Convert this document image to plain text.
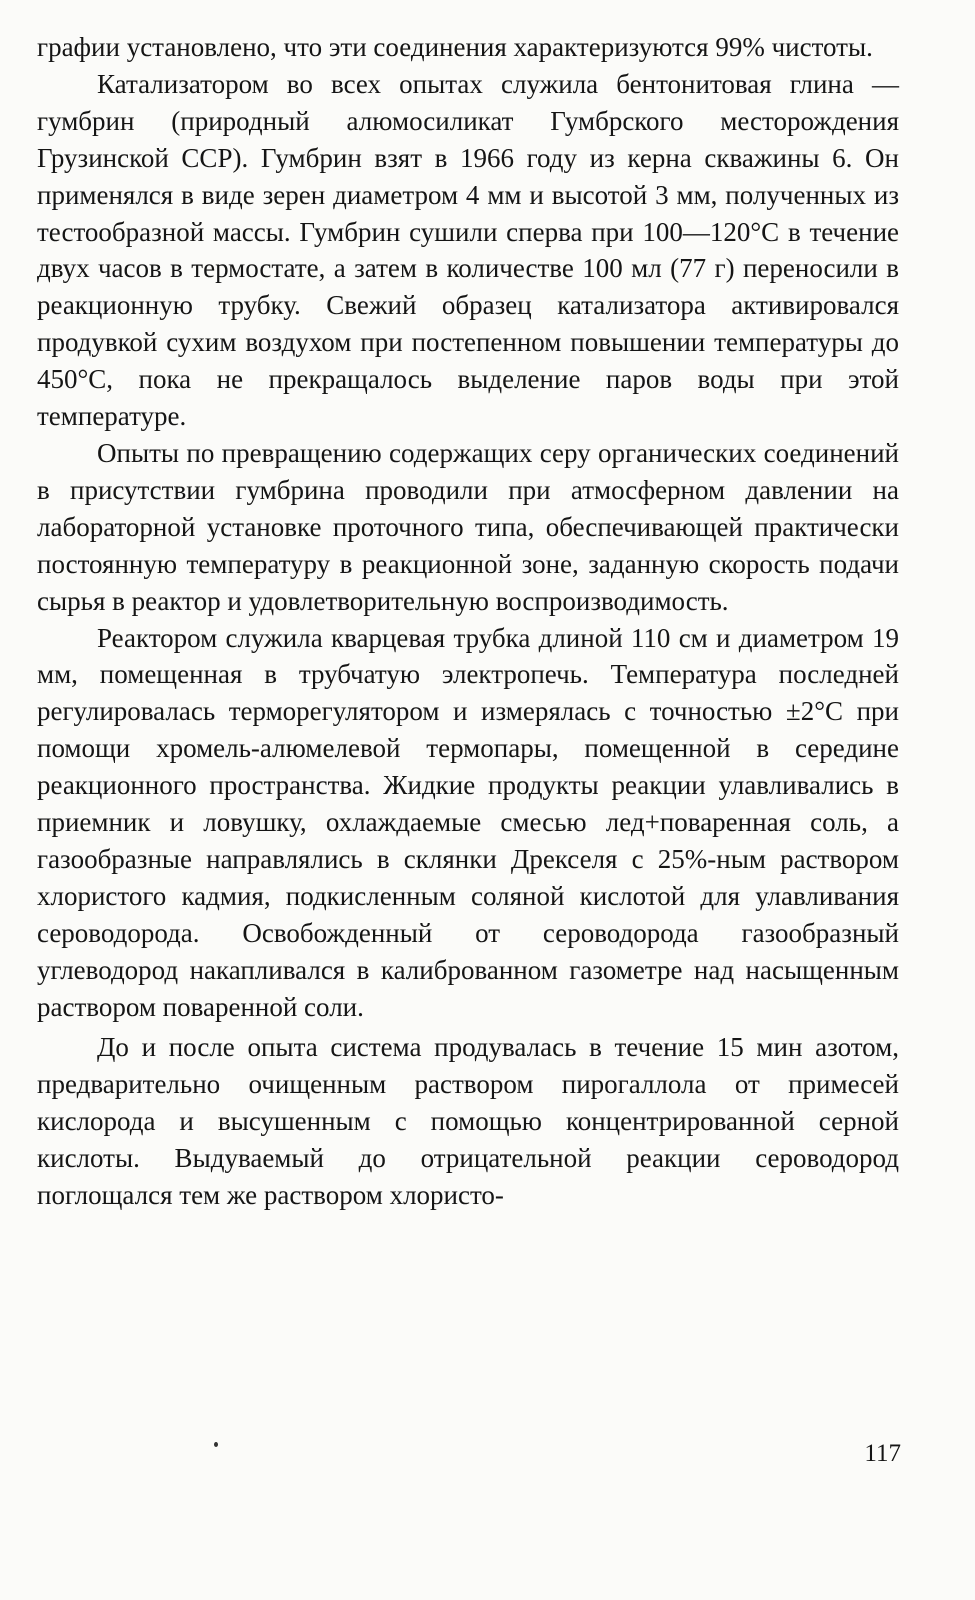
графии установлено, что эти соединения характеризуются 99% чистоты.

Катализатором во всех опытах служила бентонитовая глина — гумбрин (природный алюмосиликат Гумбрского месторождения Грузинской ССР). Гумбрин взят в 1966 году из керна скважины 6. Он применялся в виде зерен диаметром 4 мм и высотой 3 мм, полученных из тестообразной массы. Гумбрин сушили сперва при 100—120°C в течение двух часов в термостате, а затем в количестве 100 мл (77 г) переносили в реакционную трубку. Свежий образец катализатора активировался продувкой сухим воздухом при постепенном повышении температуры до 450°C, пока не прекращалось выделение паров воды при этой температуре.

Опыты по превращению содержащих серу органических соединений в присутствии гумбрина проводили при атмосферном давлении на лабораторной установке проточного типа, обеспечивающей практически постоянную температуру в реакционной зоне, заданную скорость подачи сырья в реактор и удовлетворительную воспроизводимость.

Реактором служила кварцевая трубка длиной 110 см и диаметром 19 мм, помещенная в трубчатую электропечь. Температура последней регулировалась терморегулятором и измерялась с точностью ±2°C при помощи хромель-алюмелевой термопары, помещенной в середине реакционного пространства. Жидкие продукты реакции улавливались в приемник и ловушку, охлаждаемые смесью лед+поваренная соль, а газообразные направлялись в склянки Дрекселя с 25%-ным раствором хлористого кадмия, подкисленным соляной кислотой для улавливания сероводорода. Освобожденный от сероводорода газообразный углеводород накапливался в калиброванном газометре над насыщенным раствором поваренной соли.

До и после опыта система продувалась в течение 15 мин азотом, предварительно очищенным раствором пирогаллола от примесей кислорода и высушенным с помощью концентрированной серной кислоты. Выдуваемый до отрицательной реакции сероводород поглощался тем же раствором хлористо-

117
